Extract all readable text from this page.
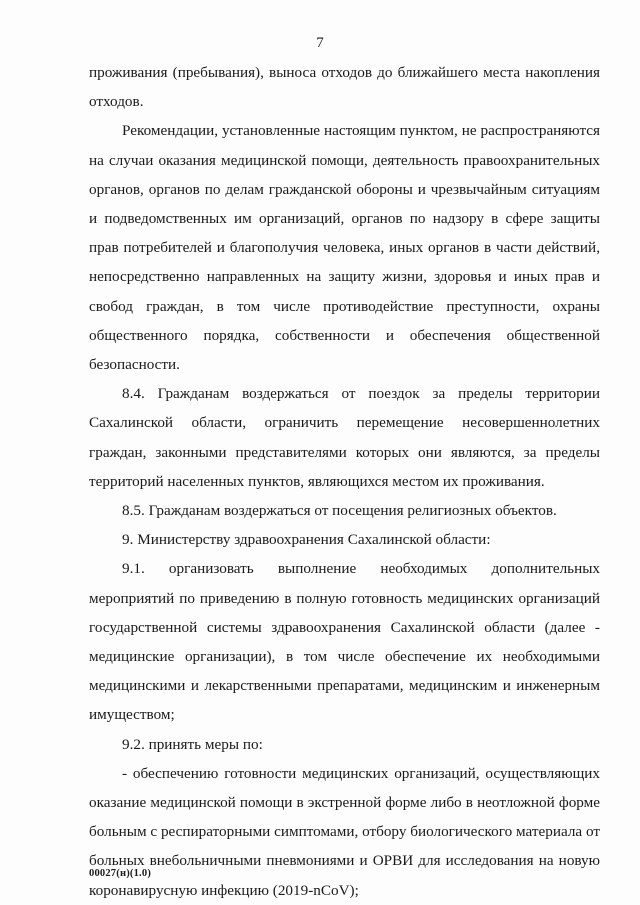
7

проживания (пребывания), выноса отходов до ближайшего места накопления отходов.

Рекомендации, установленные настоящим пунктом, не распространяются на случаи оказания медицинской помощи, деятельность правоохранительных органов, органов по делам гражданской обороны и чрезвычайным ситуациям и подведомственных им организаций, органов по надзору в сфере защиты прав потребителей и благополучия человека, иных органов в части действий, непосредственно направленных на защиту жизни, здоровья и иных прав и свобод граждан, в том числе противодействие преступности, охраны общественного порядка, собственности и обеспечения общественной безопасности.

8.4. Гражданам воздержаться от поездок за пределы территории Сахалинской области, ограничить перемещение несовершеннолетних граждан, законными представителями которых они являются, за пределы территорий населенных пунктов, являющихся местом их проживания.

8.5. Гражданам воздержаться от посещения религиозных объектов.

9. Министерству здравоохранения Сахалинской области:

9.1. организовать выполнение необходимых дополнительных мероприятий по приведению в полную готовность медицинских организаций государственной системы здравоохранения Сахалинской области (далее - медицинские организации), в том числе обеспечение их необходимыми медицинскими и лекарственными препаратами, медицинским и инженерным имуществом;

9.2. принять меры по:

- обеспечению готовности медицинских организаций, осуществляющих оказание медицинской помощи в экстренной форме либо в неотложной форме больным с респираторными симптомами, отбору биологического материала от больных внебольничными пневмониями и ОРВИ для исследования на новую коронавирусную инфекцию (2019-nCoV);

00027(н)(1.0)
